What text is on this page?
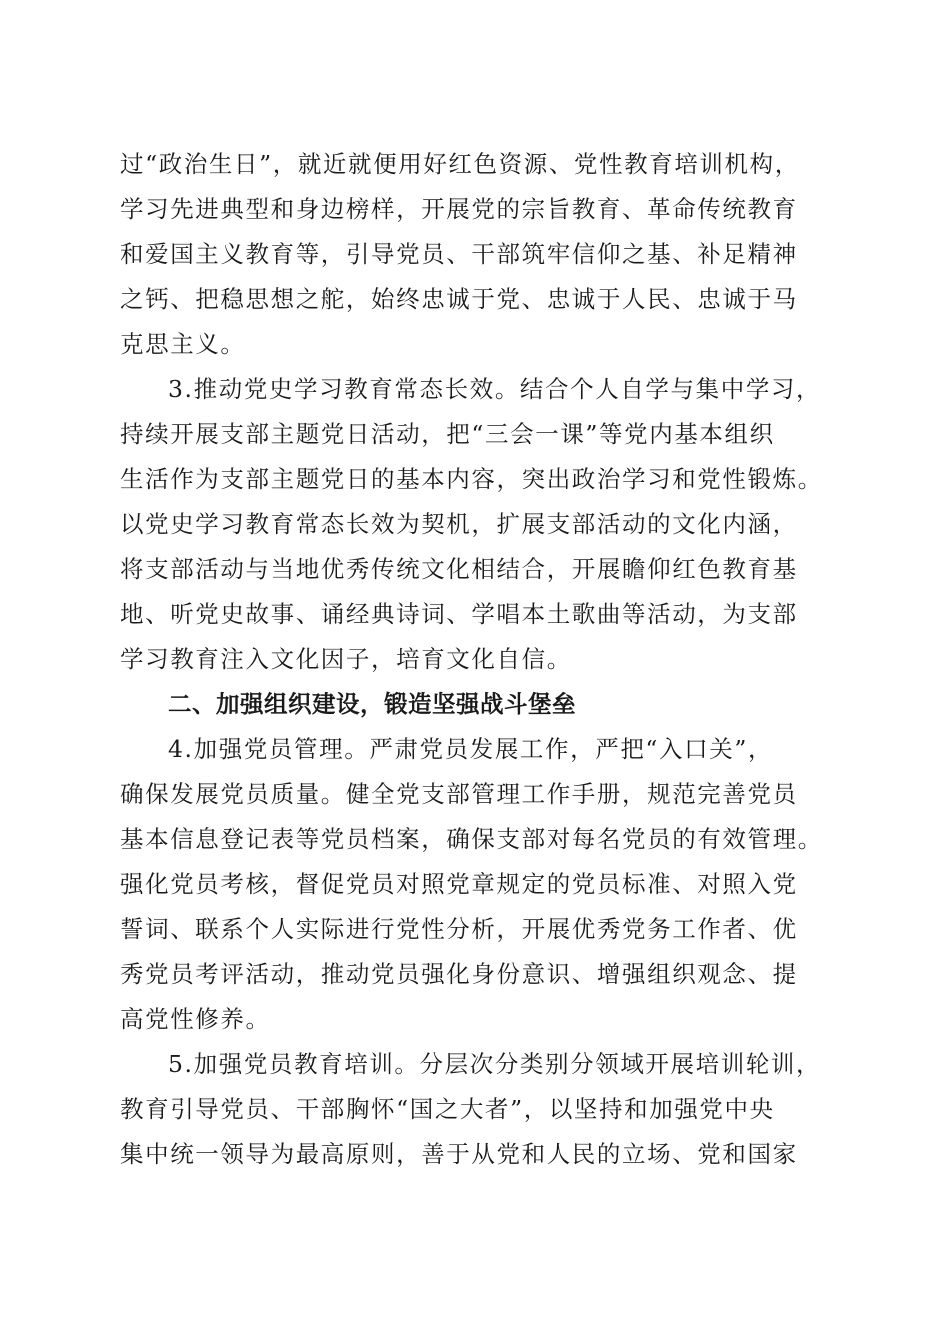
过“政治生日”，就近就便用好红色资源、党性教育培训机构，
学习先进典型和身边榜样，开展党的宗旨教育、革命传统教育
和爱国主义教育等，引导党员、干部筑牢信仰之基、补足精神
之钙、把稳思想之舵，始终忠诚于党、忠诚于人民、忠诚于马
克思主义。
3.推动党史学习教育常态长效。结合个人自学与集中学习，
持续开展支部主题党日活动，把“三会一课”等党内基本组织
生活作为支部主题党日的基本内容，突出政治学习和党性锻炼。
以党史学习教育常态长效为契机，扩展支部活动的文化内涵，
将支部活动与当地优秀传统文化相结合，开展瞻仰红色教育基
地、听党史故事、诵经典诗词、学唱本土歌曲等活动，为支部
学习教育注入文化因子，培育文化自信。
二、加强组织建设，锻造坚强战斗堡垒
4.加强党员管理。严肃党员发展工作，严把“入口关”，
确保发展党员质量。健全党支部管理工作手册，规范完善党员
基本信息登记表等党员档案，确保支部对每名党员的有效管理。
强化党员考核，督促党员对照党章规定的党员标准、对照入党
誓词、联系个人实际进行党性分析，开展优秀党务工作者、优
秀党员考评活动，推动党员强化身份意识、增强组织观念、提
高党性修养。
5.加强党员教育培训。分层次分类别分领域开展培训轮训，
教育引导党员、干部胸怀“国之大者”，以坚持和加强党中央
集中统一领导为最高原则，善于从党和人民的立场、党和国家
